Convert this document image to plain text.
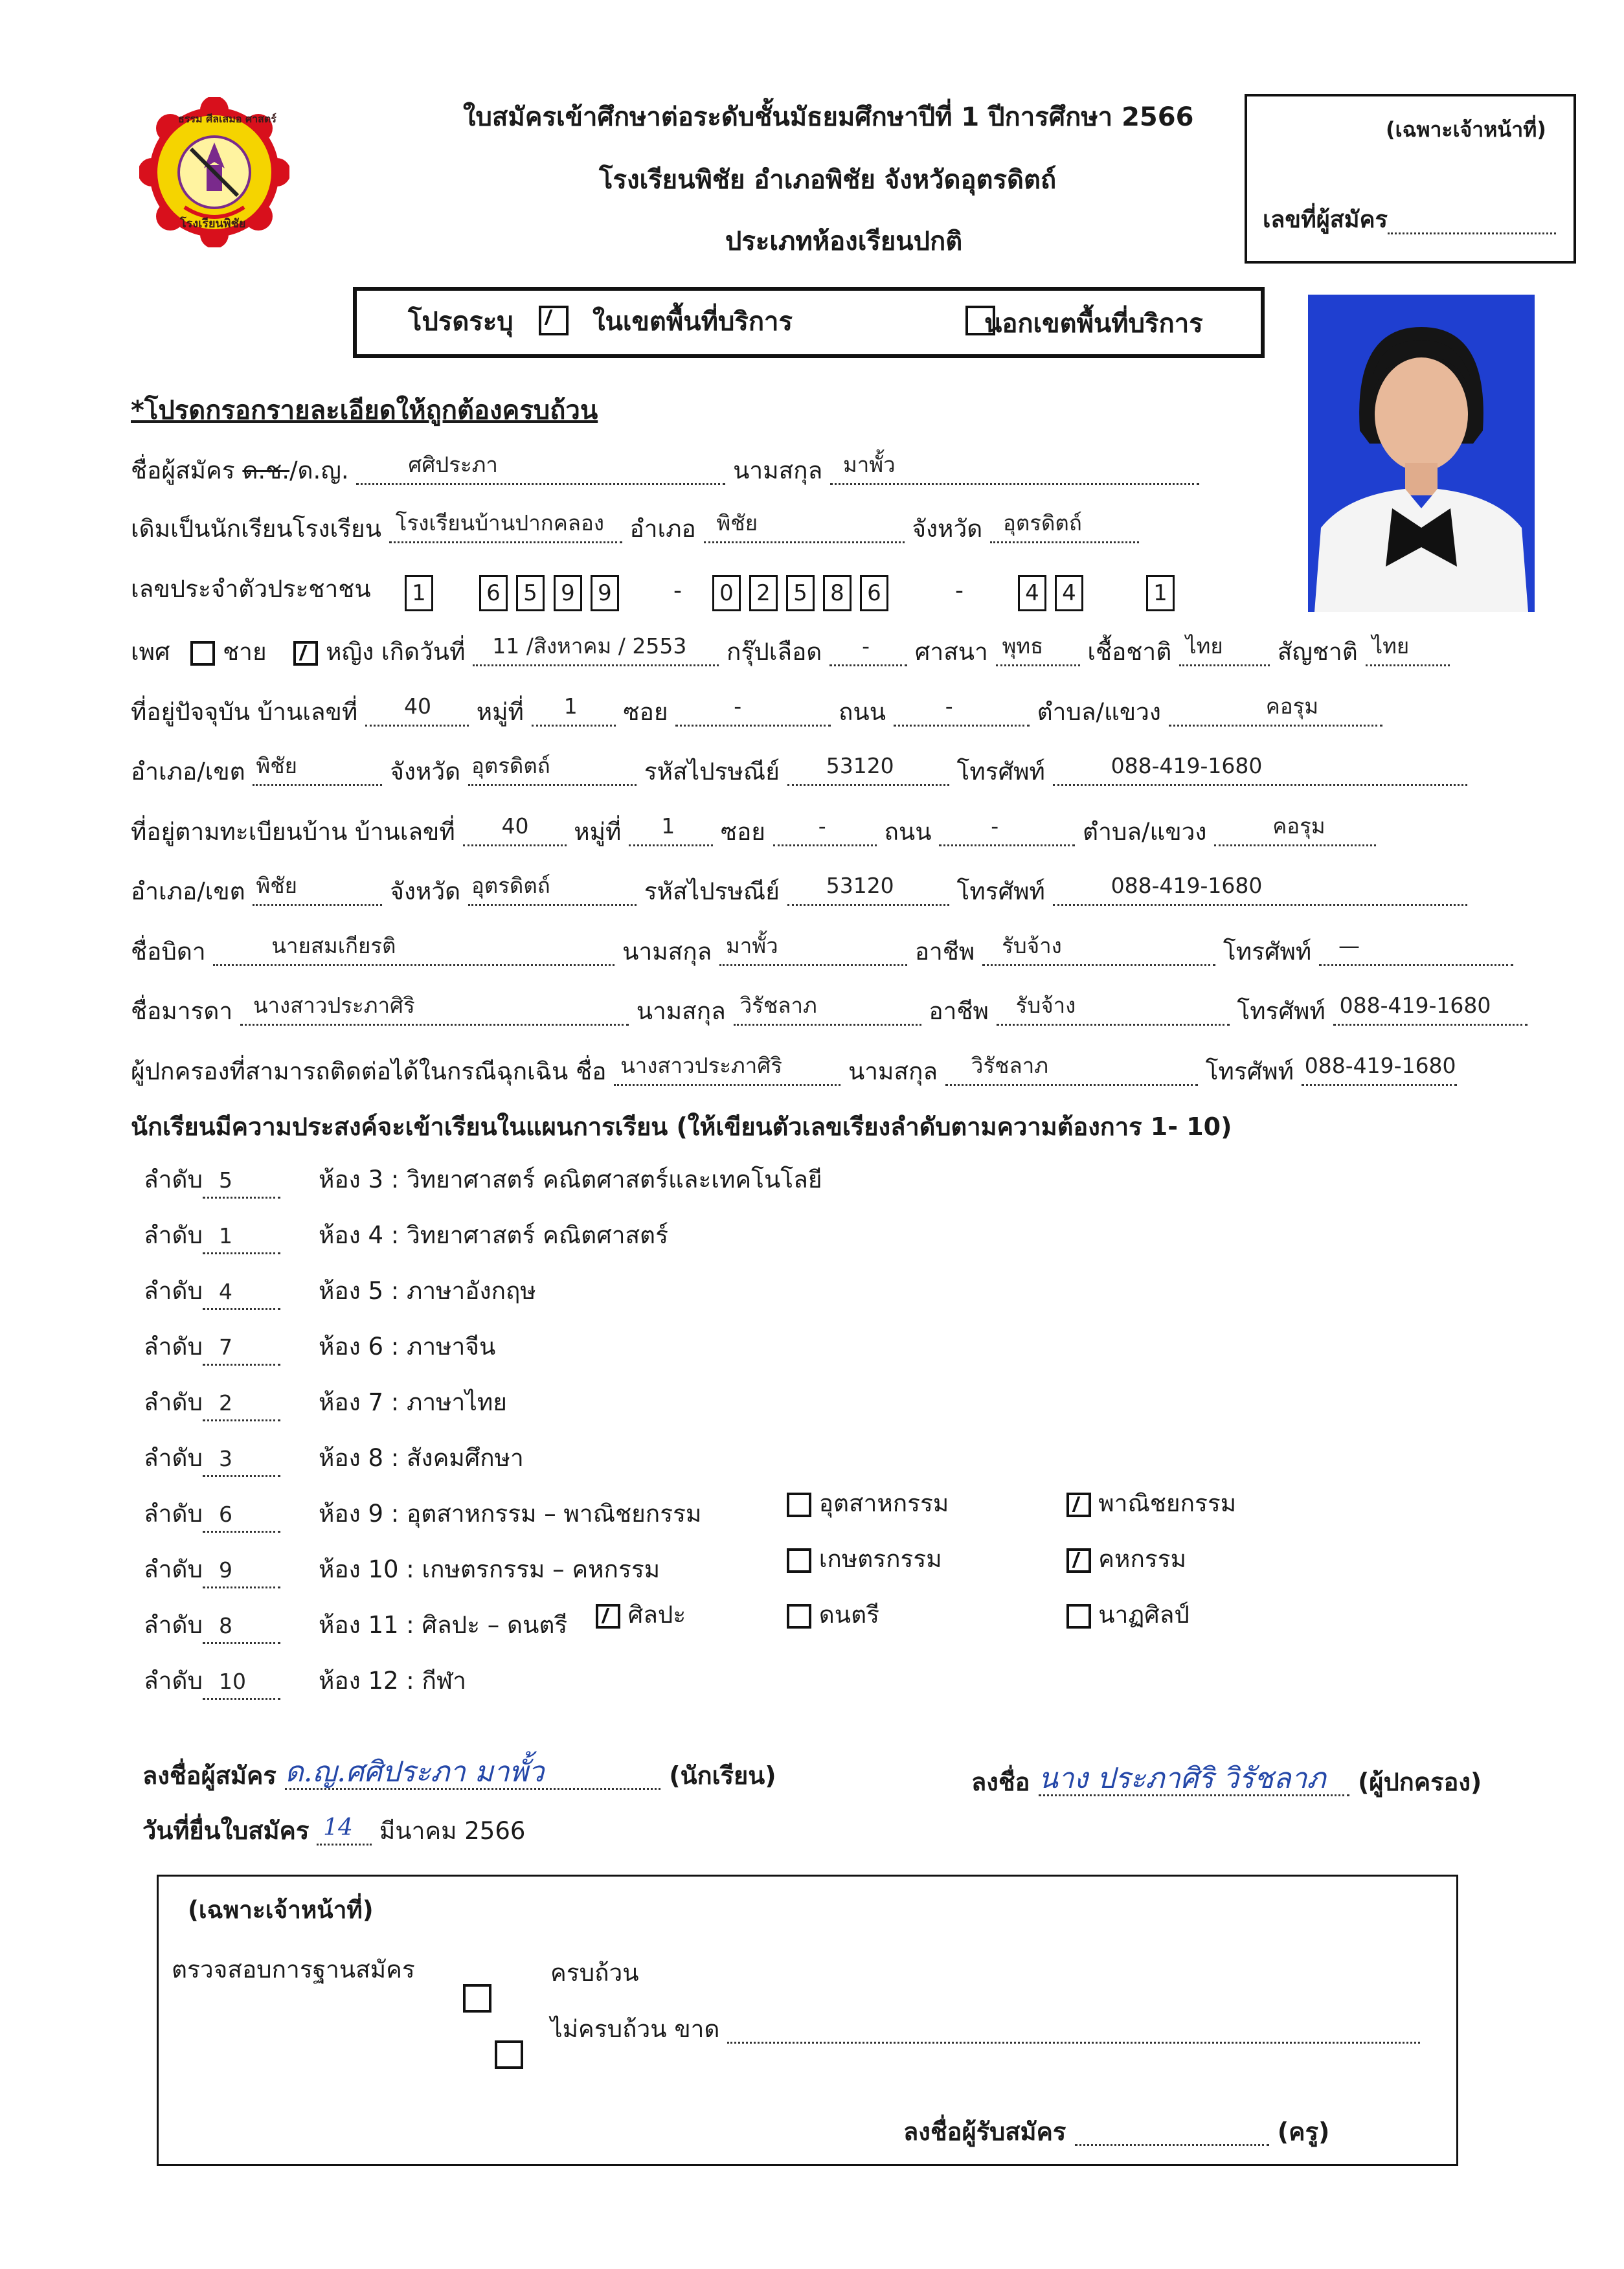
ธรรม ศีลเสมอ ศาสตร์
โรงเรียนพิชัย
ใบสมัครเข้าศึกษาต่อระดับชั้นมัธยมศึกษาปีที่ 1 ปีการศึกษา 2566
โรงเรียนพิชัย อำเภอพิชัย จังหวัดอุตรดิตถ์
ประเภทห้องเรียนปกติ
(เฉพาะเจ้าหน้าที่)
เลขที่ผู้สมัคร
โปรดระบุ
	ในเขตพื้นที่บริการ	นอกเขตพื้นที่บริการ
*โปรดกรอกรายละเอียดให้ถูกต้องครบถ้วน
ชื่อผู้สมัคร ด.ช./ด.ญ.	ศศิประภา	นามสกุล มาพั้ว
เดิมเป็นนักเรียนโรงเรียน โรงเรียนบ้านปากคลอง อำเภอ พิชัย	จังหวัด อุตรดิตถ์
เลขประจำตัวประชาชน	1	6	5	9	9	0	2	5	8	6	4	4	1
-	-
เพศ ชาย หญิง เกิดวันที่ 11 /สิงหาคม / 2553 กรุ๊ปเลือด - ศาสนา พุทธ เชื้อชาติ ไทย สัญชาติ ไทย
ที่อยู่ปัจจุบัน บ้านเลขที่ 40 หมู่ที่ 1 ซอย	-	ถนน	-	ตำบล/แขวง	คอรุม
อำเภอ/เขต พิชัย	จังหวัด อุตรดิตถ์	รหัสไปรษณีย์ 53120	โทรศัพท์	088-419-1680
ที่อยู่ตามทะเบียนบ้าน บ้านเลขที่ 40 หมู่ที่ 1 ซอย - ถนน	-	ตำบล/แขวง	คอรุม
อำเภอ/เขต พิชัย	จังหวัด อุตรดิตถ์	รหัสไปรษณีย์ 53120	โทรศัพท์	088-419-1680
ชื่อบิดา	นายสมเกียรติ	นามสกุล มาพั้ว	อาชีพ รับจ้าง	โทรศัพท์ —
ชื่อมารดา นางสาวประภาศิริ	นามสกุล วิรัชลาภ	อาชีพ รับจ้าง	โทรศัพท์ 088-419-1680
ผู้ปกครองที่สามารถติดต่อได้ในกรณีฉุกเฉิน ชื่อ นางสาวประภาศิริ	นามสกุล วิรัชลาภ	โทรศัพท์ 088-419-1680
นักเรียนมีความประสงค์จะเข้าเรียนในแผนการเรียน (ให้เขียนตัวเลขเรียงลำดับตามความต้องการ 1- 10)
ลำดับ 5	ห้อง 3 : วิทยาศาสตร์ คณิตศาสตร์และเทคโนโลยี
ลำดับ 1	ห้อง 4 : วิทยาศาสตร์ คณิตศาสตร์
ลำดับ 4	ห้อง 5 : ภาษาอังกฤษ
ลำดับ 7	ห้อง 6 : ภาษาจีน
ลำดับ 2	ห้อง 7 : ภาษาไทย
ลำดับ 3	ห้อง 8 : สังคมศึกษา
ลำดับ 6	ห้อง 9 : อุตสาหกรรม – พาณิชยกรรม
ลำดับ 9	ห้อง 10 : เกษตรกรรม – คหกรรม
ลำดับ 8	ห้อง 11 : ศิลปะ – ดนตรี
ลำดับ 10	ห้อง 12 : กีฬา
อุตสาหกรรม	พาณิชยกรรม
เกษตรกรรม	คหกรรม
ศิลปะ	ดนตรี	นาฏศิลป์
ลงชื่อผู้สมัคร ด.ญ.ศศิประภา มาพั้ว	(นักเรียน)	ลงชื่อ นาง ประภาศิริ วิรัชลาภ (ผู้ปกครอง)
วันที่ยื่นใบสมัคร 14 มีนาคม 2566
(เฉพาะเจ้าหน้าที่)
ตรวจสอบการฐานสมัคร
	ครบถ้วน
ไม่ครบถ้วน ขาด
ลงชื่อผู้รับสมัคร	(ครู)
